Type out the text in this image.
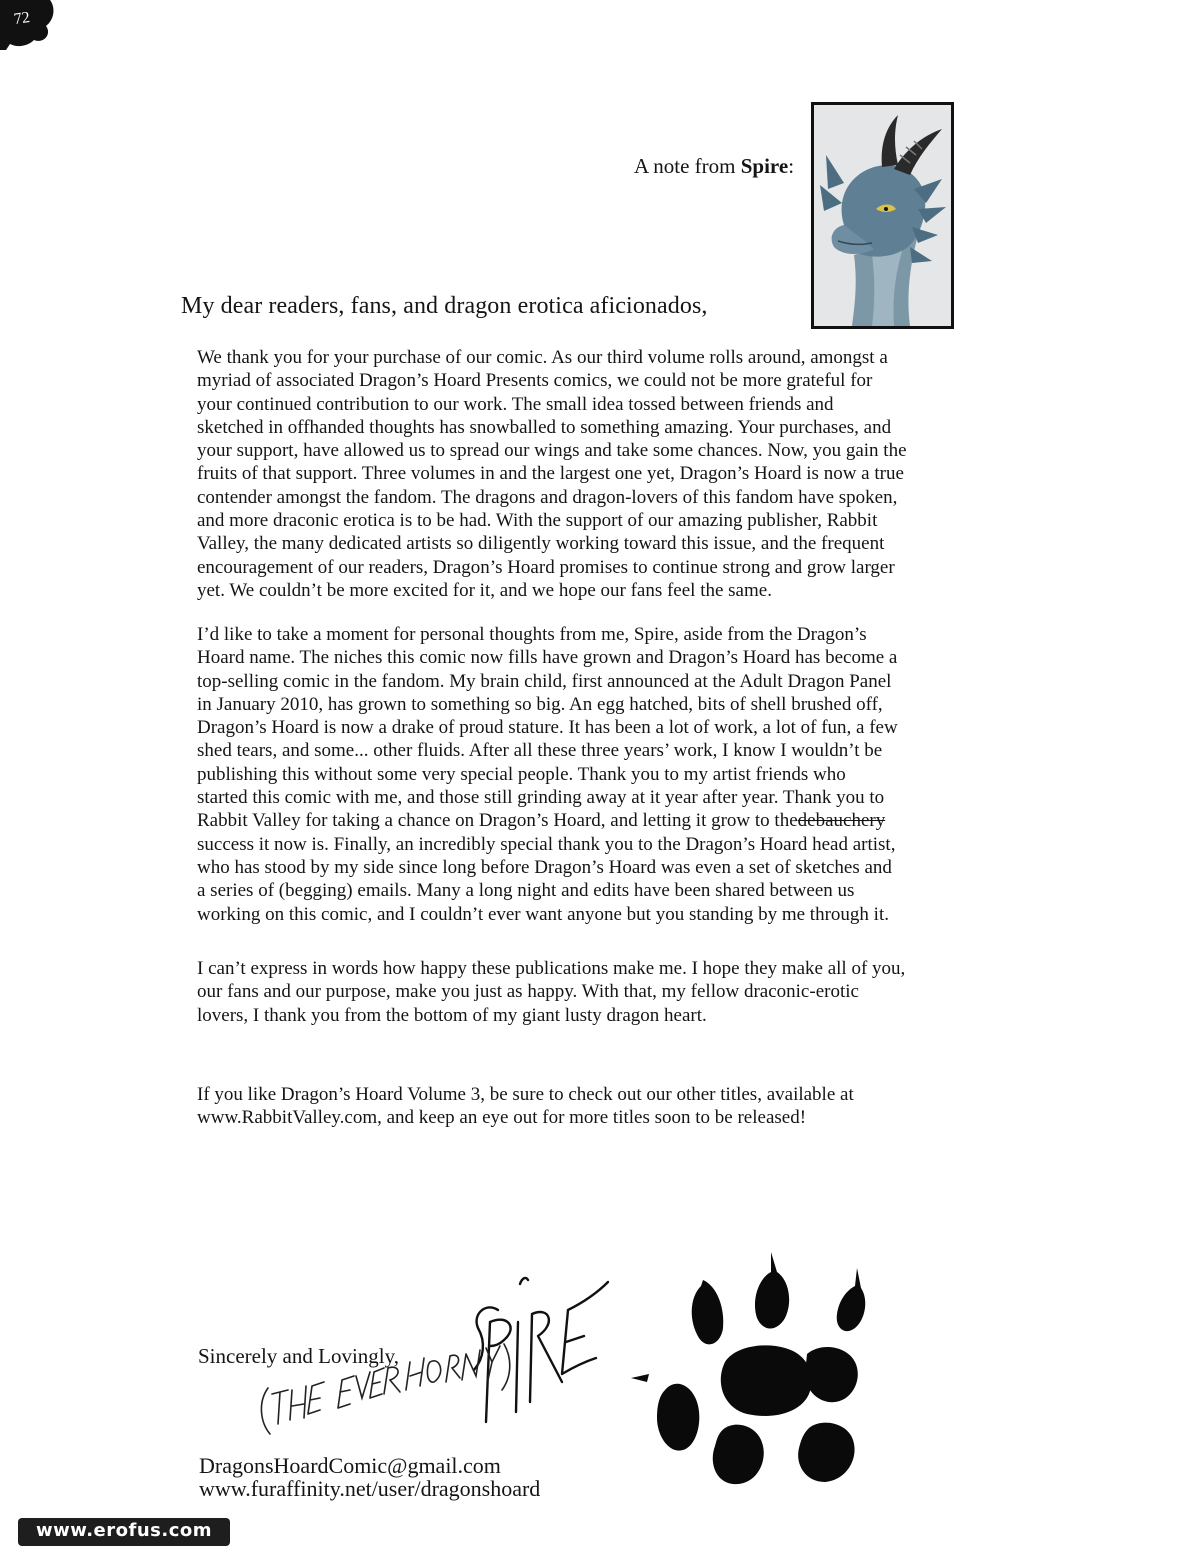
72
A note from Spire:
My dear readers, fans, and dragon erotica aficionados,
We thank you for your purchase of our comic. As our third volume rolls around, amongst a
myriad of associated Dragon’s Hoard Presents comics, we could not be more grateful for
your continued contribution to our work. The small idea tossed between friends and
sketched in offhanded thoughts has snowballed to something amazing. Your purchases, and
your support, have allowed us to spread our wings and take some chances. Now, you gain the
fruits of that support. Three volumes in and the largest one yet, Dragon’s Hoard is now a true
contender amongst the fandom. The dragons and dragon-lovers of this fandom have spoken,
and more draconic erotica is to be had. With the support of our amazing publisher, Rabbit
Valley, the many dedicated artists so diligently working toward this issue, and the frequent
encouragement of our readers, Dragon’s Hoard promises to continue strong and grow larger
yet. We couldn’t be more excited for it, and we hope our fans feel the same.
I’d like to take a moment for personal thoughts from me, Spire, aside from the Dragon’s
Hoard name. The niches this comic now fills have grown and Dragon’s Hoard has become a
top-selling comic in the fandom. My brain child, first announced at the Adult Dragon Panel
in January 2010, has grown to something so big. An egg hatched, bits of shell brushed off,
Dragon’s Hoard is now a drake of proud stature. It has been a lot of work, a lot of fun, a few
shed tears, and some... other fluids. After all these three years’ work, I know I wouldn’t be
publishing this without some very special people. Thank you to my artist friends who
started this comic with me, and those still grinding away at it year after year. Thank you to
Rabbit Valley for taking a chance on Dragon’s Hoard, and letting it grow to thedebauchery
success it now is. Finally, an incredibly special thank you to the Dragon’s Hoard head artist,
who has stood by my side since long before Dragon’s Hoard was even a set of sketches and
a series of (begging) emails. Many a long night and edits have been shared between us
working on this comic, and I couldn’t ever want anyone but you standing by me through it.
I can’t express in words how happy these publications make me. I hope they make all of you,
our fans and our purpose, make you just as happy. With that, my fellow draconic-erotic
lovers, I thank you from the bottom of my giant lusty dragon heart.
If you like Dragon’s Hoard Volume 3, be sure to check out our other titles, available at
www.RabbitValley.com, and keep an eye out for more titles soon to be released!
Sincerely and Lovingly,
DragonsHoardComic@gmail.com
www.furaffinity.net/user/dragonshoard
www.erofus.com
